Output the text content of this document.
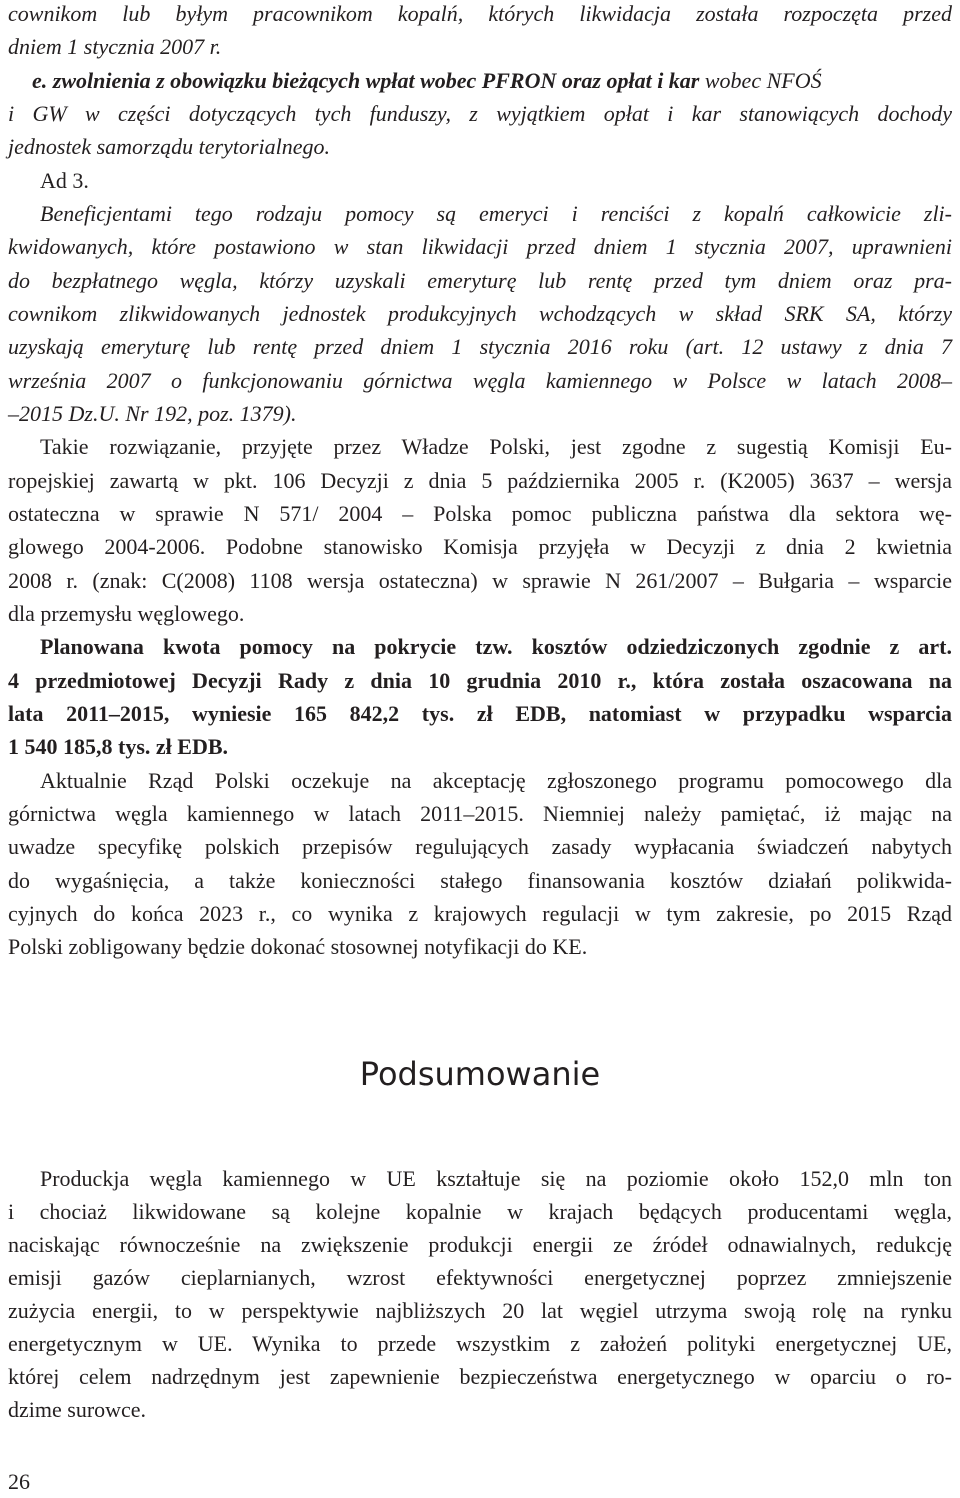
cownikom lub byłym pracownikom kopalń, których likwidacja została rozpoczęta przed
dniem 1 stycznia 2007 r.
e. zwolnienia z obowiązku bieżących wpłat wobec PFRON oraz opłat i kar wobec NFOŚ
i GW w części dotyczących tych funduszy, z wyjątkiem opłat i kar stanowiących dochody
jednostek samorządu terytorialnego.
Ad 3.
Beneficjentami tego rodzaju pomocy są emeryci i renciści z kopalń całkowicie zli-
kwidowanych, które postawiono w stan likwidacji przed dniem 1 stycznia 2007, uprawnieni
do bezpłatnego węgla, którzy uzyskali emeryturę lub rentę przed tym dniem oraz pra-
cownikom zlikwidowanych jednostek produkcyjnych wchodzących w skład SRK SA, którzy
uzyskają emeryturę lub rentę przed dniem 1 stycznia 2016 roku (art. 12 ustawy z dnia 7
września 2007 o funkcjonowaniu górnictwa węgla kamiennego w Polsce w latach 2008–
–2015 Dz.U. Nr 192, poz. 1379).
Takie rozwiązanie, przyjęte przez Władze Polski, jest zgodne z sugestią Komisji Eu-
ropejskiej zawartą w pkt. 106 Decyzji z dnia 5 października 2005 r. (K2005) 3637 – wersja
ostateczna w sprawie N 571/ 2004 – Polska pomoc publiczna państwa dla sektora wę-
glowego 2004-2006. Podobne stanowisko Komisja przyjęła w Decyzji z dnia 2 kwietnia
2008 r. (znak: C(2008) 1108 wersja ostateczna) w sprawie N 261/2007 – Bułgaria – wsparcie
dla przemysłu węglowego.
Planowana kwota pomocy na pokrycie tzw. kosztów odziedziczonych zgodnie z art.
4 przedmiotowej Decyzji Rady z dnia 10 grudnia 2010 r., która została oszacowana na
lata 2011–2015, wyniesie 165 842,2 tys. zł EDB, natomiast w przypadku wsparcia
1 540 185,8 tys. zł EDB.
Aktualnie Rząd Polski oczekuje na akceptację zgłoszonego programu pomocowego dla
górnictwa węgla kamiennego w latach 2011–2015. Niemniej należy pamiętać, iż mając na
uwadze specyfikę polskich przepisów regulujących zasady wypłacania świadczeń nabytych
do wygaśnięcia, a także konieczności stałego finansowania kosztów działań polikwida-
cyjnych do końca 2023 r., co wynika z krajowych regulacji w tym zakresie, po 2015 Rząd
Polski zobligowany będzie dokonać stosownej notyfikacji do KE.
Podsumowanie
Produckja węgla kamiennego w UE kształtuje się na poziomie około 152,0 mln ton
i chociaż likwidowane są kolejne kopalnie w krajach będących producentami węgla,
naciskając równocześnie na zwiększenie produkcji energii ze źródeł odnawialnych, redukcję
emisji gazów cieplarnianych, wzrost efektywności energetycznej poprzez zmniejszenie
zużycia energii, to w perspektywie najbliższych 20 lat węgiel utrzyma swoją rolę na rynku
energetycznym w UE. Wynika to przede wszystkim z założeń polityki energetycznej UE,
której celem nadrzędnym jest zapewnienie bezpieczeństwa energetycznego w oparciu o ro-
dzime surowce.
26
